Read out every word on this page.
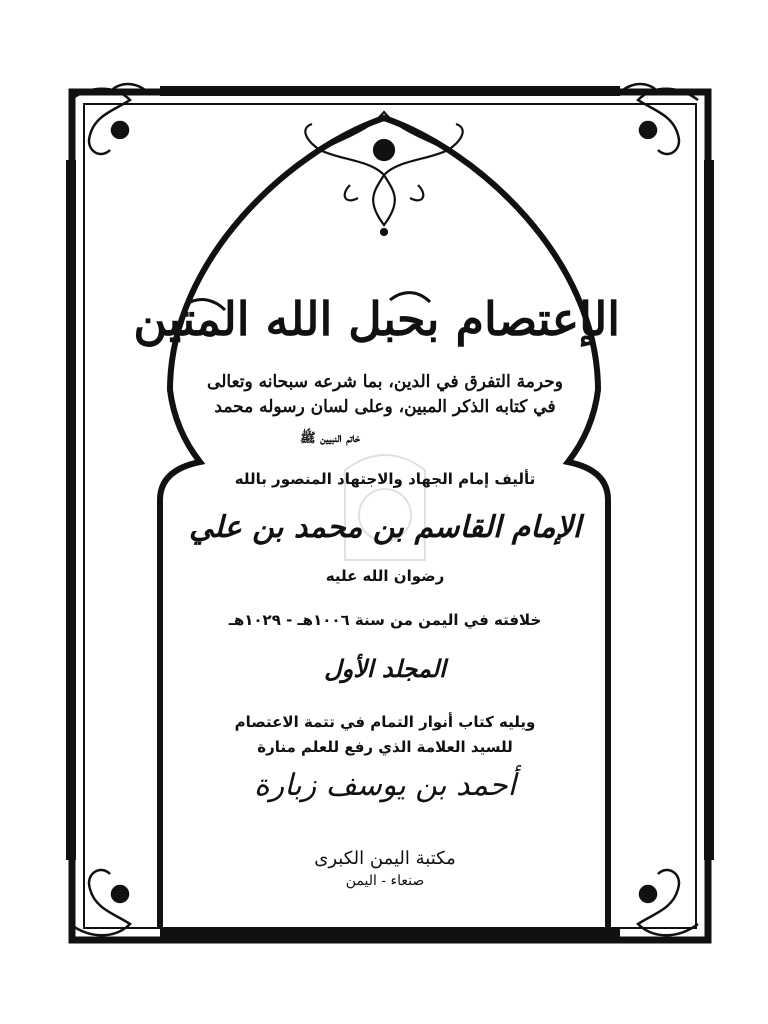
الإعتصام بحبل الله المتين
وحرمة التفرق في الدين، بما شرعه سبحانه وتعالى
في كتابه الذكر المبين، وعلى لسان رسوله محمد
خاتم النبيين ﷺ
تأليف إمام الجهاد والاجتهاد المنصور بالله
الإمام القاسم بن محمد بن علي
رضوان الله عليه
خلافته في اليمن من سنة ١٠٠٦هـ - ١٠٢٩هـ
المجلد الأول
ويليه كتاب أنوار التمام في تتمة الاعتصام
للسيد العلامة الذي رفع للعلم منارة
أحمد بن يوسف زبارة
مكتبة اليمن الكبرى
صنعاء - اليمن
